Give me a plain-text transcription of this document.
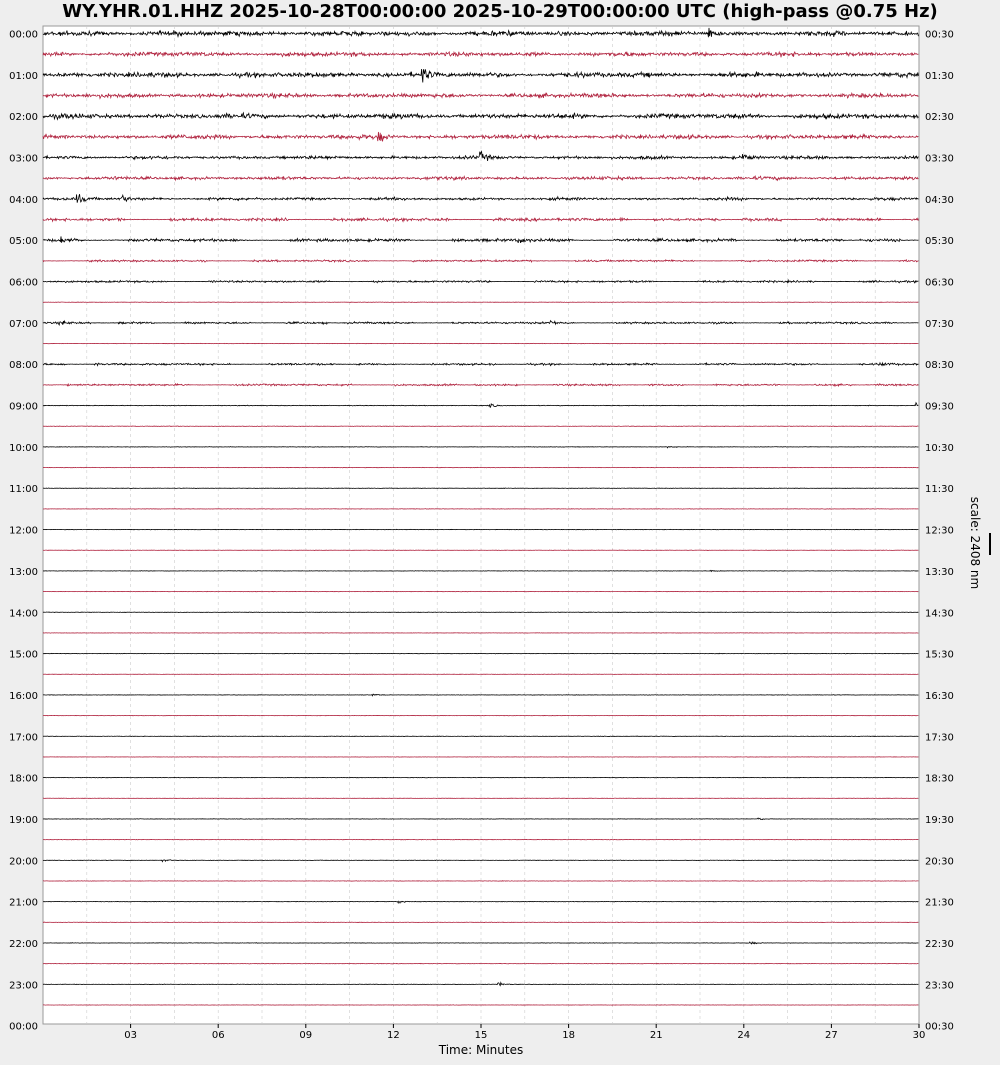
WY.YHR.01.HHZ 2025-10-28T00:00:00 2025-10-29T00:00:00 UTC (high-pass @0.75 Hz)
00:00
01:00
02:00
03:00
04:00
05:00
06:00
07:00
08:00
09:00
10:00
11:00
12:00
13:00
14:00
15:00
16:00
17:00
18:00
19:00
20:00
21:00
22:00
23:00
00:00
00:30
01:30
02:30
03:30
04:30
05:30
06:30
07:30
08:30
09:30
10:30
11:30
12:30
13:30
14:30
15:30
16:30
17:30
18:30
19:30
20:30
21:30
22:30
23:30
00:30
03	06	09	12	15	18	21	24	27	30
Time: Minutes
scale: 2408 nm
